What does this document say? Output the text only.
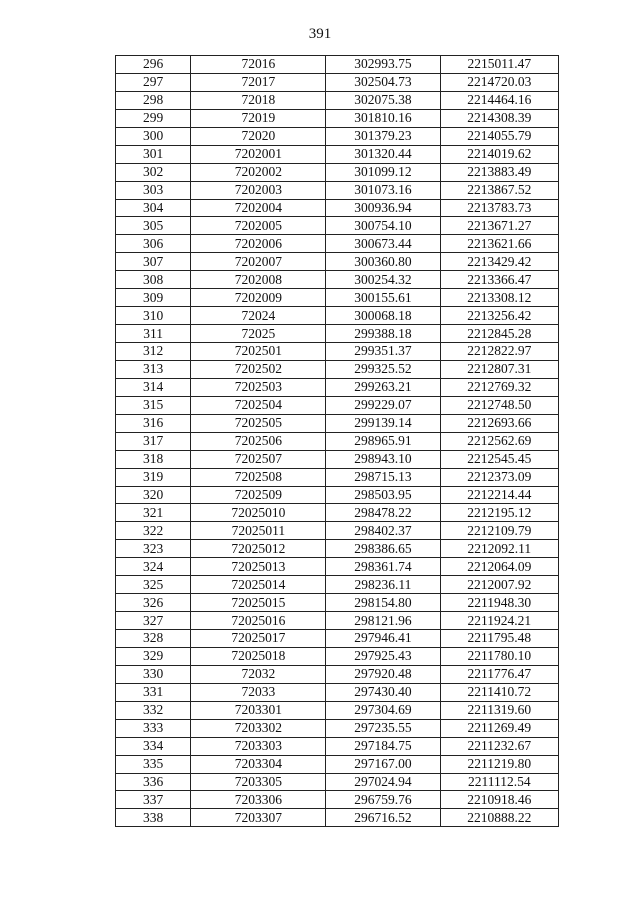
391
296	72016	302993.75	2215011.47
297	72017	302504.73	2214720.03
298	72018	302075.38	2214464.16
299	72019	301810.16	2214308.39
300	72020	301379.23	2214055.79
301	7202001	301320.44	2214019.62
302	7202002	301099.12	2213883.49
303	7202003	301073.16	2213867.52
304	7202004	300936.94	2213783.73
305	7202005	300754.10	2213671.27
306	7202006	300673.44	2213621.66
307	7202007	300360.80	2213429.42
308	7202008	300254.32	2213366.47
309	7202009	300155.61	2213308.12
310	72024	300068.18	2213256.42
311	72025	299388.18	2212845.28
312	7202501	299351.37	2212822.97
313	7202502	299325.52	2212807.31
314	7202503	299263.21	2212769.32
315	7202504	299229.07	2212748.50
316	7202505	299139.14	2212693.66
317	7202506	298965.91	2212562.69
318	7202507	298943.10	2212545.45
319	7202508	298715.13	2212373.09
320	7202509	298503.95	2212214.44
321	72025010	298478.22	2212195.12
322	72025011	298402.37	2212109.79
323	72025012	298386.65	2212092.11
324	72025013	298361.74	2212064.09
325	72025014	298236.11	2212007.92
326	72025015	298154.80	2211948.30
327	72025016	298121.96	2211924.21
328	72025017	297946.41	2211795.48
329	72025018	297925.43	2211780.10
330	72032	297920.48	2211776.47
331	72033	297430.40	2211410.72
332	7203301	297304.69	2211319.60
333	7203302	297235.55	2211269.49
334	7203303	297184.75	2211232.67
335	7203304	297167.00	2211219.80
336	7203305	297024.94	2211112.54
337	7203306	296759.76	2210918.46
338	7203307	296716.52	2210888.22
